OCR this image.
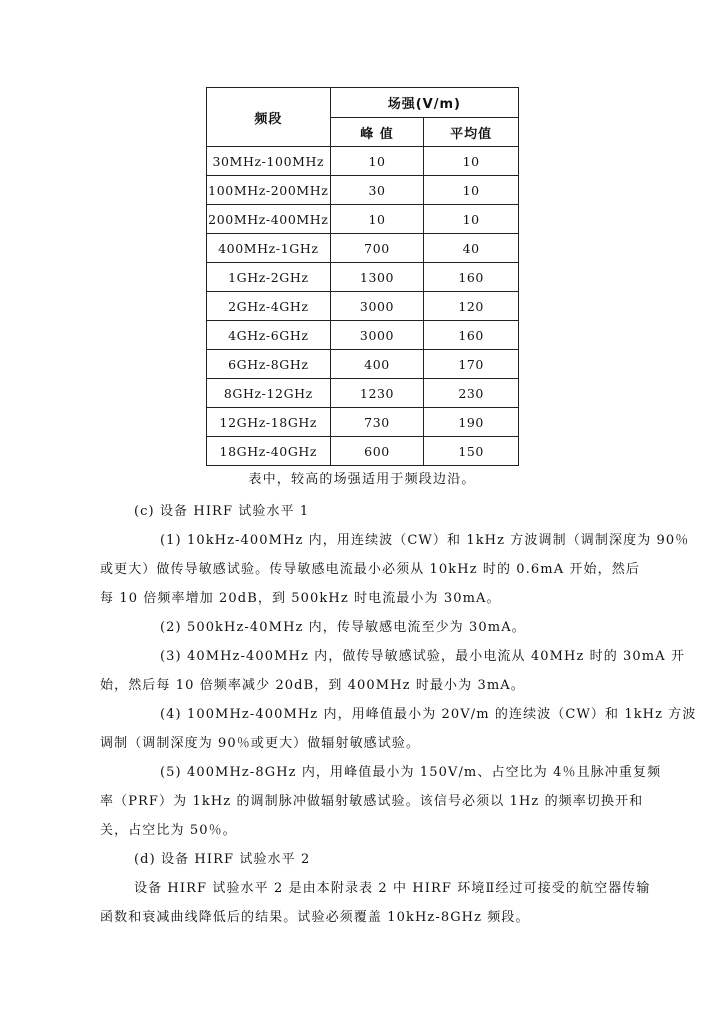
频段	场强(V/m)	
	峰 值	平均值
30MHz-100MHz	10	10
100MHz-200MHz	30	10
200MHz-400MHz	10	10
400MHz-1GHz	700	40
1GHz-2GHz	1300	160
2GHz-4GHz	3000	120
4GHz-6GHz	3000	160
6GHz-8GHz	400	170
8GHz-12GHz	1230	230
12GHz-18GHz	730	190
18GHz-40GHz	600	150
表中，较高的场强适用于频段边沿。
(c) 设备 HIRF 试验水平 1
(1) 10kHz-400MHz 内，用连续波（CW）和 1kHz 方波调制（调制深度为 90％
或更大）做传导敏感试验。传导敏感电流最小必须从 10kHz 时的 0.6mA 开始，然后
每 10 倍频率增加 20dB，到 500kHz 时电流最小为 30mA。
(2) 500kHz-40MHz 内，传导敏感电流至少为 30mA。
(3) 40MHz-400MHz 内，做传导敏感试验，最小电流从 40MHz 时的 30mA 开
始，然后每 10 倍频率减少 20dB，到 400MHz 时最小为 3mA。
(4) 100MHz-400MHz 内，用峰值最小为 20V/m 的连续波（CW）和 1kHz 方波
调制（调制深度为 90％或更大）做辐射敏感试验。
(5) 400MHz-8GHz 内，用峰值最小为 150V/m、占空比为 4％且脉冲重复频
率（PRF）为 1kHz 的调制脉冲做辐射敏感试验。该信号必须以 1Hz 的频率切换开和
关，占空比为 50％。
(d) 设备 HIRF 试验水平 2
设备 HIRF 试验水平 2 是由本附录表 2 中 HIRF 环境Ⅱ经过可接受的航空器传输
函数和衰减曲线降低后的结果。试验必须覆盖 10kHz-8GHz 频段。
